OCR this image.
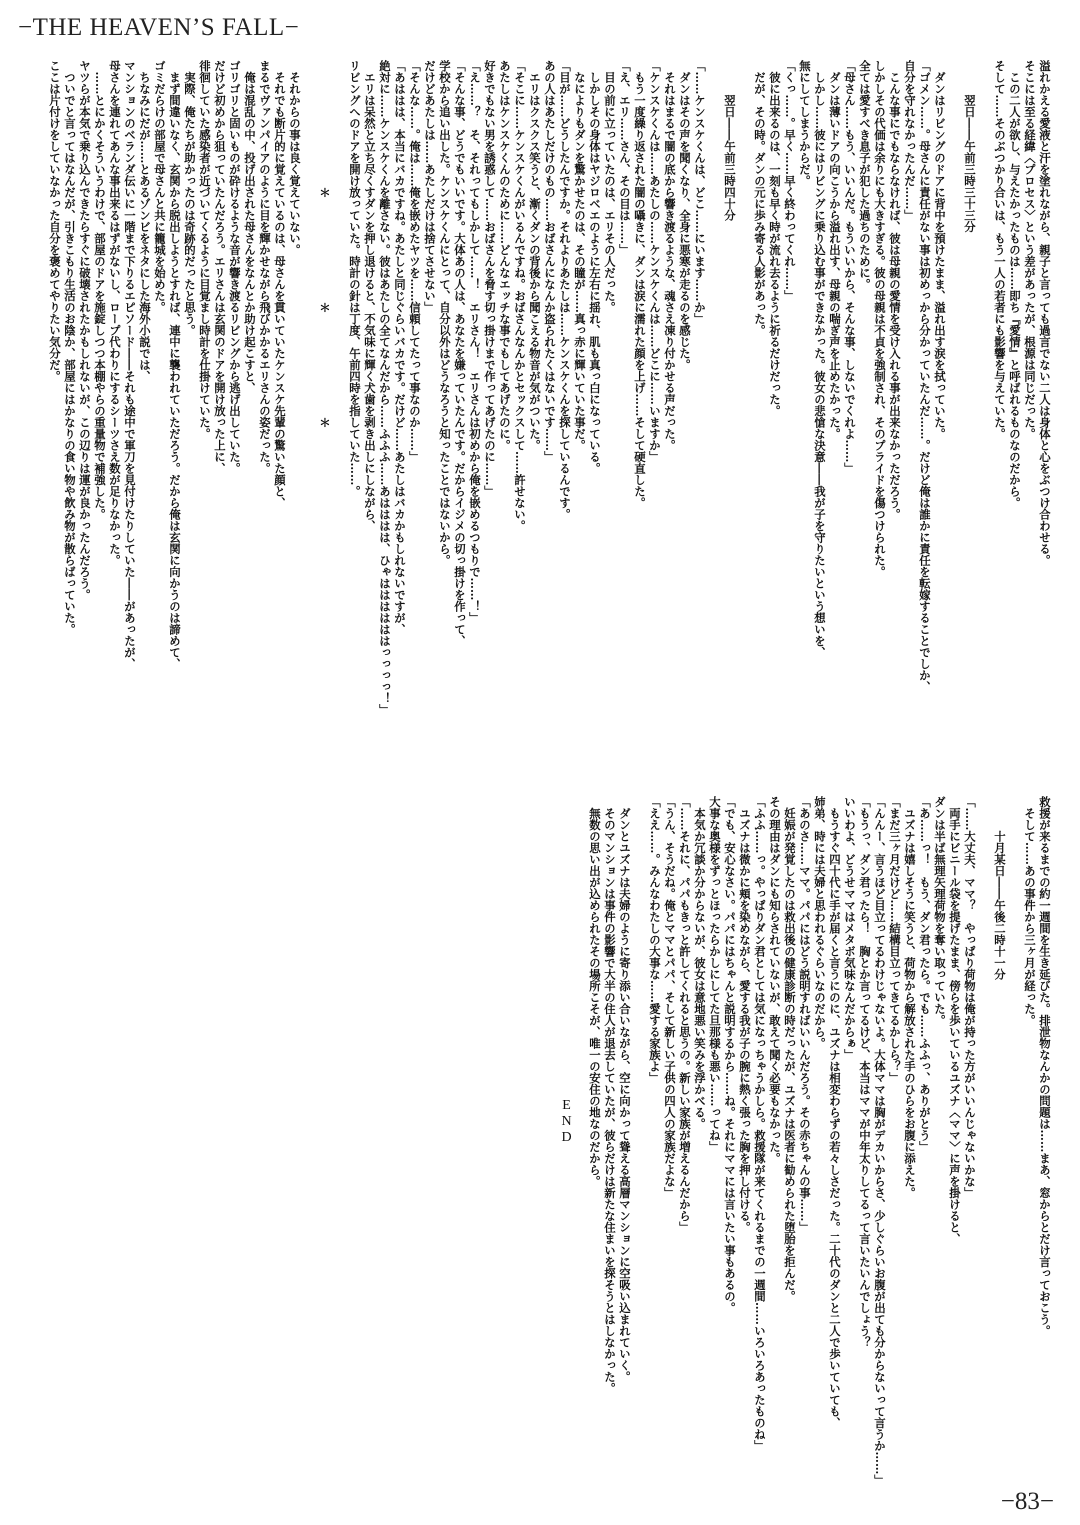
−THE HEAVEN’S FALL−
溢れかえる愛液と汗を塗れながら、親子と言っても過言でない二人は身体と心をぶつけ合わせる。
そこには至る経緯〈プロセス〉という差があったが、根源は同じだった。
　この二人が欲し、与えたかったものは……即ち『愛情』と呼ばれるものなのだから。
そして……そのぶつかり合いは、もう一人の若者にも影響を与えていた。

　　　翌日――午前三時三十三分

　ダンはリビングのドアに背中を預けたまま、溢れ出す涙を拭っていた。
「ゴメン……。母さんに責任がない事は初めっから分かっていたんだ……。だけど俺は誰かに責任を転嫁することでしか、
自分を守れなかったんだ……」
　こんな事にでもならなければ、彼は母親の愛情を受け入れる事が出来なかっただろう。
しかしその代価は余りにも大きすぎる。彼の母親は不貞を強制され、そのプライドを傷つけられた。
全ては愛すべき息子が犯した過ちのために。
「母さん……もう、いいんだ。もういいから、そんな事、しないでくれよ……」
　ダンは薄いドアの向こうから溢れ出す、母親の喘ぎ声を止めたかった。
　しかし……彼にはリビングに乗り込む事ができなかった。彼女の悲愴な決意――我が子を守りたいという想いを、
無にしてしまうからだ。
「くっ……。早く……早く終わってくれ……」
　彼に出来るのは、一刻も早く時が流れ去るように祈るだけだった。
　だが、その時。ダンの元に歩み寄る人影があった。

　　　翌日――午前三時四十分

「……ケンスケくんは、どこ……にいます……か」
　ダンはその声を聞くなり、全身に悪寒が走るのを感じた。
　それはまるで闇の底から響き渡るような、魂さえ凍り付かせる声だった。
「ケンスケくんは……あたしの……ケンスケくんは……どこに……いますか」
　もう一度繰り返された闇の囁きに、ダンは涙に濡れた顔を上げ……そして硬直した。
「え、エリ……さん、その目は……」
　目の前に立っていたのは、エリその人だった。
　しかしその身体はヤジロベエのように左右に揺れ、肌も真っ白になっている。
　なによりもダンを驚かせたのは、その瞳が……真っ赤に輝いていた事だ。
「目が……どうしたんですか。それよりあたしは……ケンスケくんを探しているんです。
あの人はあたしだけのもの……おばさんになんか盗られたくはないです……」
　エリはクスクス笑うと、漸くダンの背後から聞こえる物音が気がついた。
「そこに……ケンスケくんがいるんですね。おばさんなんかとセックスして……許せない。
あたしはケンスケくんのために……どんなエッチな事でもしてあげたのに。
好きでもない男を誘惑して……おばさんを脅す切っ掛けまで作ってあげたのに……」
「え……？　そ、それってもしかして……！　エリさん！　エリさんは初めから俺を嵌めるつもりで……！」
「そんな事、どうでもいいです。大体あの人は、あなたを嫌っていたんです。だからイジメの切っ掛けを作って、
学校から追い出した。ケンスケくんにとって、自分以外はどうなろうと知ったことではないから。
だけどあたしは……あたしだけは捨てさせない」
「そんな……。俺は……俺を嵌めたヤツを……信頼してたって事なのか……」
「あははは、本当にバカですね。あたしと同じぐらいバカです。だけど……あたしはバカかもしれないですが、
絶対に……ケンスケくんを離さない。彼はあたしの全てなんだから……ふふふ……あはははは、ひゃははははははっっっっ！」
　エリは呆然と立ち尽くすダンを押し退けると、不気味に輝く犬歯を剥き出しにしながら、
リビングへのドアを開け放っていた。時計の針は丁度、午前四時を指していた……。

　　　　　　　　　　　＊　　　　　　　　　＊　　　　　　　　　＊

　それからの事は良く覚えていない。
　それでも断片的に覚えているのは、母さんを貫いていたケンスケ先輩の驚いた顔と、
まるでヴァンパイアのように目を輝かせながら飛びかかるエリさんの姿だった。
　俺は混乱の中、投げ出された母さんをなんとか助け起こすと、
ゴリゴリと固いものが砕けるような音が響き渡るリビングから逃げ出していた。
だけど初めから狙っていたんだろう。エリさんは玄関のドアを開け放った上に、
徘徊していた感染者が近づいてくるように目覚まし時計を仕掛けていた。
　実際、俺たちが助かったのは奇跡的だったと思う。
　まず間違いなく、玄関から脱出しようとすれば、連中に襲われていただろう。だから俺は玄関に向かうのは諦めて、
ゴミだらけの部屋で母さんと共に籠城を始めた。
　ちなみにだが……とあるゾンビをネタにした海外小説では、
マンションのベランダ伝いに一階まで下りるエピソード――それも途中で軍刀を見付けたりしていた――があったが、
母さんを連れてあんな事出来るはずがないし、ロープ代わりにするシーツさえ数が足りなかった。
　……とにかくそういうわけで、部屋のドアを施錠しつつ本棚やらの重量物で補強した。
ヤツらが本気で乗り込んできたらすぐに破壊されたかもしれないが、この辺りは運が良かったんだろう。
　ついでと言ってはなんだが、引きこもり生活のお陰か、部屋にはかなりの食い物や飲み物が散らばっていた。
ここは片付けをしていなかった自分を褒めてやりたい気分だ。
救援が来るまでの約一週間を生き延びた。排泄物なんかの問題は……まあ、窓からとだけ言っておこう。
　そして……あの事件から三ヶ月が経った。

　　　十月某日――午後二時十一分

「……大丈夫、ママ？　やっぱり荷物は俺が持った方がいいんじゃないかな」
　両手にビニール袋を提げたまま、傍らを歩いているユズナ〈ママ〉に声を掛けると、
ダンは半ば無理矢理荷物を奪い取っていた。
「あ……っ！　もう、ダン君ったら。でも……ふふっ、ありがとう」
　ユズナは嬉しそうに笑うと、荷物から解放された手のひらをお腹に添えた。
「まだ三ヶ月だけど……結構目立ってきてるかしら？」
「んんー、言うほど目立ってるわけじゃないよ。大体ママは胸がデカいからさ、少しぐらいお腹が出ても分からないって言うか……」
「もうっ、ダン君ったら！　胸とか言ってるけど、本当はママが中年太りしてるって言いたいんでしょう？
いいわよ、どうせママはメタボ気味なんだからぁ」
　もうすぐ四十代に手が届くと言うにのに、ユズナは相変わらずの若々しさだった。二十代のダンと二人で歩いていても、
姉弟、時には夫婦と思われるぐらいなのだから。
「あのさ……ママ。パパにはどう説明すればいいんだろう。その赤ちゃんの事……」
　妊娠が発覚したのは救出後の健康診断の時だったが、ユズナは医者に勧められた堕胎を拒んだ。
その理由はダンにも知らされていないが、敢えて聞く必要もなかった。
「ふふ……っ。やっぱりダン君としては気になっちゃうかしら。救援隊が来てくれるまでの一週間……いろいろあったものね」
　ユズナは微かに頬を染めながら、愛する我が子の腕に熱く張った胸を押し付ける。
「でも、安心なさい。パパにはちゃんと説明するから……ね。それにママには言いたい事もあるの。
大事な奥様をずっとほったらかしにしてた旦那様も悪い……ってね」
　本気か冗談か分からないが、彼女は意地悪い笑みを浮かべる。
「……それに、パパもきっと許してくれると思うの。新しい家族が増えるんだから」
「うん、そうだね。俺とママとパパ、そして新しい子供の四人の家族だよな」
「ええ……。みんなわたしの大事な……愛する家族よ」

　ダンとユズナは夫婦のように寄り添い合いながら、空に向かって聳える高層マンションに空吸い込まれていく。
　そのマンションは事件の影響で大半の住人が退去していたが、彼らだけは新たな住まいを探そうとはしなかった。
　無数の思い出が込められたその場所こそが、唯一の安住の地なのだから。
END
−83−
